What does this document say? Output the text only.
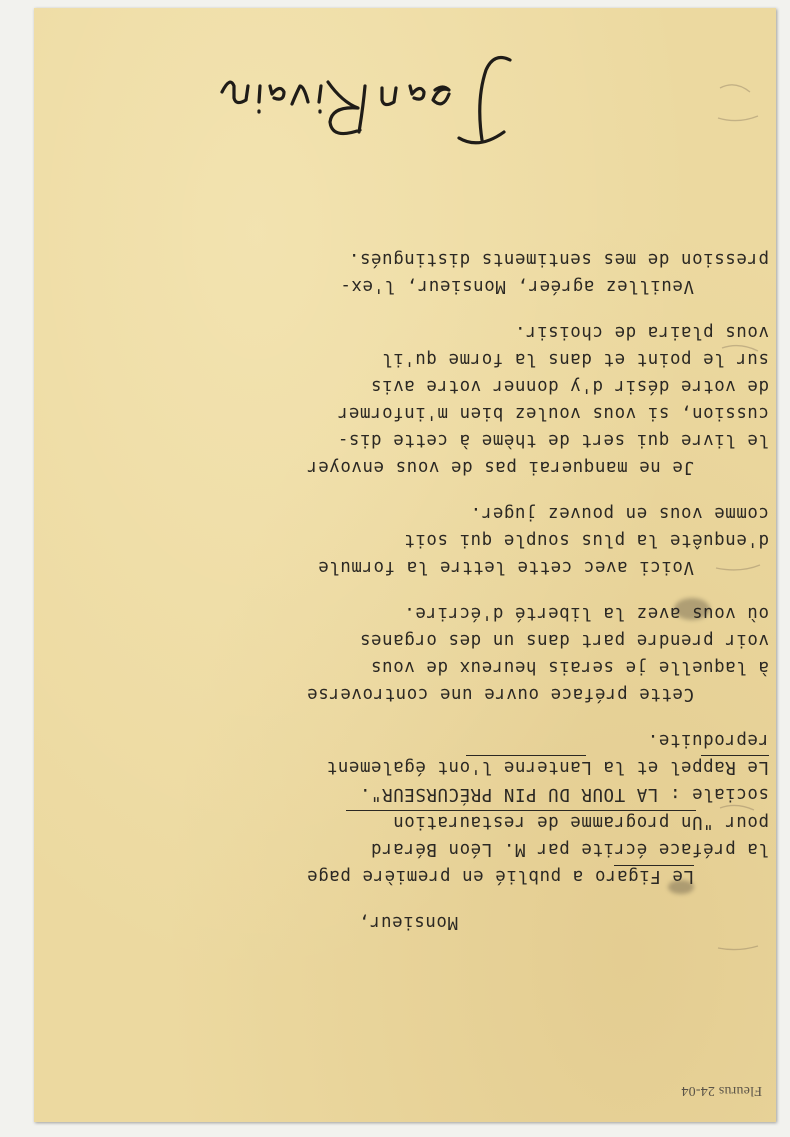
Fleurus 24-04
Monsieur,
Le Figaro a publié en première page
la préface écrite par M. Léon Bérard
pour "Un programme de restauration
sociale : LA TOUR DU PIN PRÉCURSEUR".
Le Rappel et la Lanterne l'ont également
reproduite.
Cette préface ouvre une controverse
à laquelle je serais heureux de vous
voir prendre part dans un des organes
où vous avez la liberté d'écrire.
Voici avec cette lettre la formule
d'enquête la plus souple qui soit
comme vous en pouvez juger.
Je ne manquerai pas de vous envoyer
le livre qui sert de thème à cette dis-
cussion, si vous voulez bien m'informer
de votre désir d'y donner votre avis
sur le point et dans la forme qu'il
vous plaira de choisir.
Veuillez agréer, Monsieur, l'ex-
pression de mes sentiments distingués.
